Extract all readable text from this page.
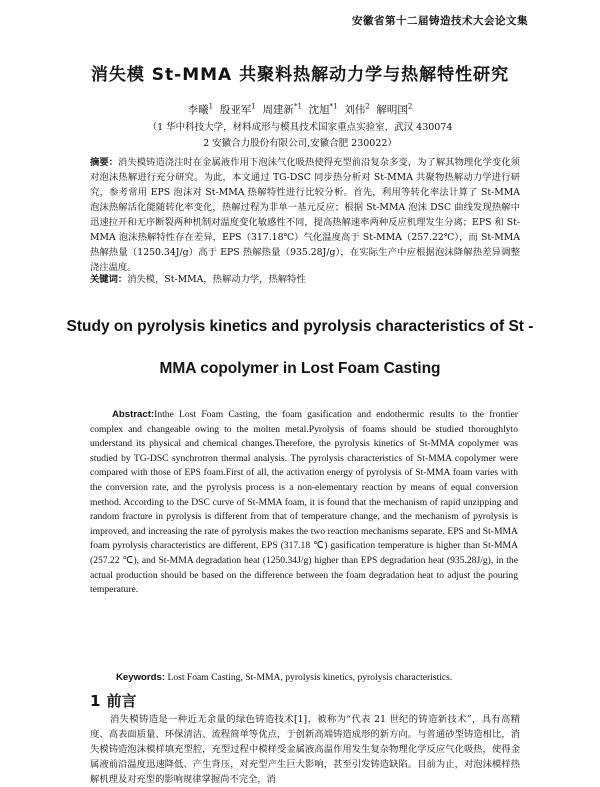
安徽省第十二届铸造技术大会论文集
消失模 St-MMA 共聚料热解动力学与热解特性研究
李曦$^1$ 殷亚军$^1$ 周建新$^{*1}$ 沈旭$^{*1}$ 刘伟$^2$ 解明国$^2$
（1 华中科技大学，材料成形与模具技术国家重点实验室，武汉 430074
2 安徽合力股份有限公司,安徽合肥 230022）
摘要：消失模铸造浇注时在金属液作用下泡沫气化吸热使得充型前沿复杂多变，为了解其物理化学变化须对泡沫热解进行充分研究。为此，本文通过 TG-DSC 同步热分析对 St-MMA 共聚物热解动力学进行研究，参考常用 EPS 泡沫对 St-MMA 热解特性进行比较分析。首先，利用等转化率法计算了 St-MMA 泡沫热解活化能随转化率变化，热解过程为非单一基元反应；根据 St-MMA 泡沫 DSC 曲线发现热解中迅速拉开和无序断裂两种机制对温度变化敏感性不同，提高热解速率两种反应机理发生分离；EPS 和 St-MMA 泡沫热解特性存在差异，EPS（317.18℃）气化温度高于 St-MMA（257.22℃），而 St-MMA 热解热量（1250.34J/g）高于 EPS 热解热量（935.28J/g），在实际生产中应根据泡沫降解热差异调整浇注温度。
关键词：消失模，St-MMA，热解动力学，热解特性
Study on pyrolysis kinetics and pyrolysis characteristics of St -
MMA copolymer in Lost Foam Casting
Abstract:Inthe Lost Foam Casting, the foam gasification and endothermic results to the frontier complex and changeable owing to the molten metal.Pyrolysis of foams should be studied thoroughlyto understand its physical and chemical changes.Therefore, the pyrolysis kinetics of St-MMA copolymer was studied by TG-DSC synchrotron thermal analysis. The pyrolysis characteristics of St-MMA copolymer were compared with those of EPS foam.First of all, the activation energy of pyrolysis of St-MMA foam varies with the conversion rate, and the pyrolysis process is a non-elementary reaction by means of equal conversion method. According to the DSC curve of St-MMA foam, it is found that the mechanism of rapid unzipping and random fracture in pyrolysis is different from that of temperature change, and the mechanism of pyrolysis is improved, and increasing the rate of pyrolysis makes the two reaction mechanisms separate. EPS and St-MMA foam pyrolysis characteristics are different, EPS (317.18 ℃) gasification temperature is higher than St-MMA (257.22 ℃), and St-MMA degradation heat (1250.34J/g) higher than EPS degradation heat (935.28J/g), in the actual production should be based on the difference between the foam degradation heat to adjust the pouring temperature.
Keywords: Lost Foam Casting, St-MMA, pyrolysis kinetics, pyrolysis characteristics.
1 前言
消失模铸造是一种近无余量的绿色铸造技术[1]，被称为“代表 21 世纪的铸造新技术”，具有高精度、高表面质量、环保清洁、流程简单等优点，于创新高端铸造成形的新方向。与普通砂型铸造相比，消失模铸造泡沫模样填充型腔，充型过程中模样受金属液高温作用发生复杂物理化学反应气化吸热，使得金属液前沿温度迅速降低、产生背压，对充型产生巨大影响，甚至引发铸造缺陷。目前为止，对泡沫模样热解机理及对充型的影响规律掌握尚不完全，消
